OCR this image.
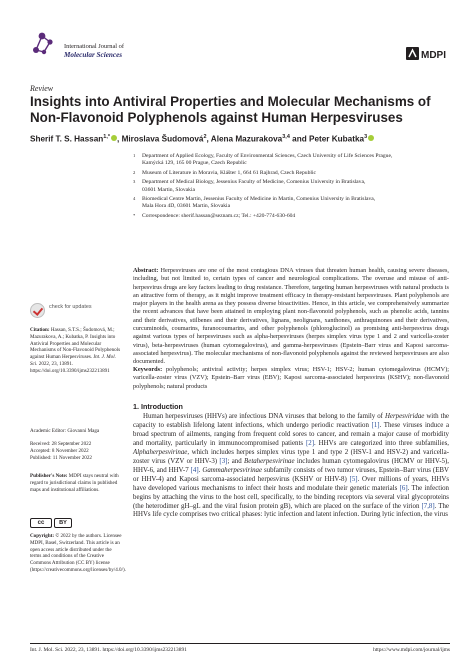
International Journal of
Molecular Sciences	MDPI
Review
Insights into Antiviral Properties and Molecular Mechanisms of Non-Flavonoid Polyphenols against Human Herpesviruses
Sherif T. S. Hassan$^{1,*}$ , Miroslava Šudomová$^2$, Alena Mazurakova$^{3,4}$ and Peter Kubatka$^3$
1	Department of Applied Ecology, Faculty of Environmental Sciences, Czech University of Life Sciences Prague,
Kamýcká 129, 165 00 Prague, Czech Republic
2	Museum of Literature in Moravia, Klášter 1, 664 61 Rajhrad, Czech Republic
3	Department of Medical Biology, Jessenius Faculty of Medicine, Comenius University in Bratislava,
03601 Martin, Slovakia
4	Biomedical Centre Martin, Jessenius Faculty of Medicine in Martin, Comenius University in Bratislava,
Mala Hora 4D, 03601 Martin, Slovakia
*	Correspondence: sherif.hassan@seznam.cz; Tel.: +420-774-630-604
Abstract: Herpesviruses are one of the most contagious DNA viruses that threaten human health, causing severe diseases, including, but not limited to, certain types of cancer and neurological complications. The overuse and misuse of anti-herpesvirus drugs are key factors leading to drug resistance. Therefore, targeting human herpesviruses with natural products is an attractive form of therapy, as it might improve treatment efficacy in therapy-resistant herpesviruses. Plant polyphenols are major players in the health arena as they possess diverse bioactivities. Hence, in this article, we comprehensively summarize the recent advances that have been attained in employing plant non-flavonoid polyphenols, such as phenolic acids, tannins and their derivatives, stilbenes and their derivatives, lignans, neolignans, xanthones, anthraquinones and their derivatives, curcuminoids, coumarins, furanocoumarins, and other polyphenols (phloroglucinol) as promising anti-herpesvirus drugs against various types of herpesviruses such as alpha-herpesviruses (herpes simplex virus type 1 and 2 and varicella-zoster virus), beta-herpesviruses (human cytomegalovirus), and gamma-herpesviruses (Epstein–Barr virus and Kaposi sarcoma-associated herpesvirus). The molecular mechanisms of non-flavonoid polyphenols against the reviewed herpesviruses are also documented.
Keywords: polyphenols; antiviral activity; herpes simplex virus; HSV-1; HSV-2; human cytomegalovirus (HCMV); varicella-zoster virus (VZV); Epstein–Barr virus (EBV); Kaposi sarcoma-associated herpesvirus (KSHV); non-flavonoid polyphenols; natural products
check for updates
Citation: Hassan, S.T.S.; Šudomová, M.; Mazurakova, A.; Kubatka, P. Insights into Antiviral Properties and Molecular Mechanisms of Non-Flavonoid Polyphenols against Human Herpesviruses. Int. J. Mol. Sci. 2022, 23, 13891. https://doi.org/10.3390/ijms232213891
Academic Editor: Giovanni Maga
Received: 28 September 2022
Accepted: 8 November 2022
Published: 11 November 2022
Publisher's Note: MDPI stays neutral with regard to jurisdictional claims in published maps and institutional affiliations.
cc	BY
Copyright: © 2022 by the authors. Licensee MDPI, Basel, Switzerland. This article is an open access article distributed under the terms and conditions of the Creative Commons Attribution (CC BY) license (https://creativecommons.org/licenses/by/4.0/).
1. Introduction
Human herpesviruses (HHVs) are infectious DNA viruses that belong to the family of Herpesviridae with the capacity to establish lifelong latent infections, which undergo periodic reactivation [1]. These viruses induce a broad spectrum of ailments, ranging from frequent cold sores to cancer, and remain a major cause of morbidity and mortality, particularly in immunocompromised patients [2]. HHVs are categorized into three subfamilies, Alphaherpesvirinae, which includes herpes simplex virus type 1 and type 2 (HSV-1 and HSV-2) and varicella-zoster virus (VZV or HHV-3) [3]; and Betaherpesvirinae includes human cytomegalovirus (HCMV or HHV-5), HHV-6, and HHV-7 [4]. Gammaherpesvirinae subfamily consists of two tumor viruses, Epstein–Barr virus (EBV or HHV-4) and Kaposi sarcoma-associated herpesvirus (KSHV or HHV-8) [5]. Over millions of years, HHVs have developed various mechanisms to infect their hosts and modulate their genetic materials [6]. The infection begins by attaching the virus to the host cell, specifically, to the binding receptors via several viral glycoproteins (the heterodimer gH–gL and the viral fusion protein gB), which are placed on the surface of the virion [7,8]. The HHVs life cycle comprises two critical phases: lytic infection and latent infection. During lytic infection, the virus
Int. J. Mol. Sci. 2022, 23, 13891. https://doi.org/10.3390/ijms232213891	https://www.mdpi.com/journal/ijms
